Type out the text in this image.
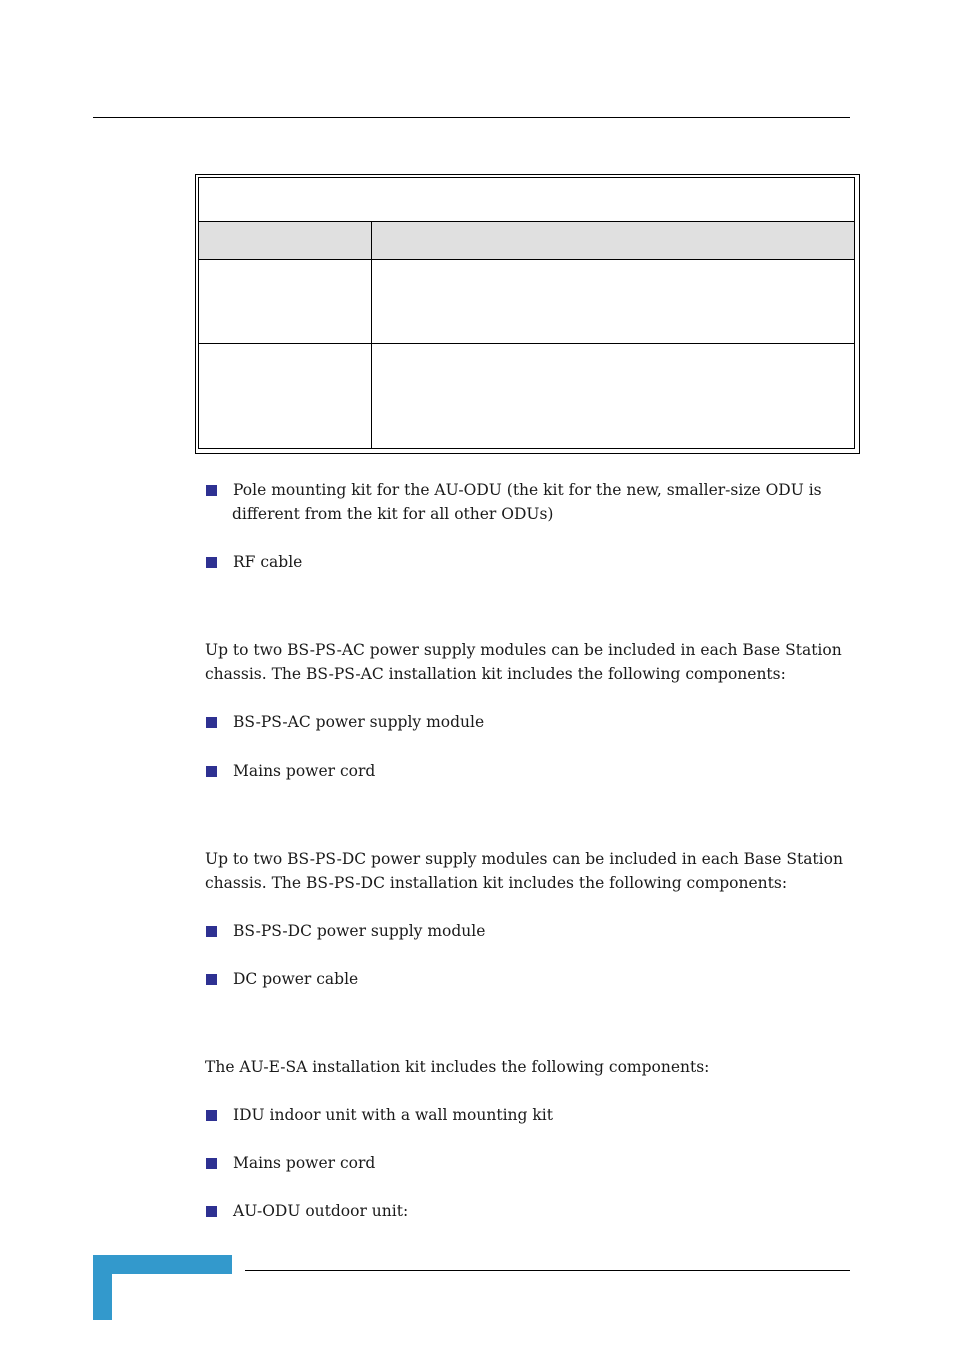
Pole mounting kit for the AU-ODU (the kit for the new, smaller-size ODU is
different from the kit for all other ODUs)
RF cable
Up to two BS-PS-AC power supply modules can be included in each Base Station
chassis. The BS-PS-AC installation kit includes the following components:
BS-PS-AC power supply module
Mains power cord
Up to two BS-PS-DC power supply modules can be included in each Base Station
chassis. The BS-PS-DC installation kit includes the following components:
BS-PS-DC power supply module
DC power cable
The AU-E-SA installation kit includes the following components:
IDU indoor unit with a wall mounting kit
Mains power cord
AU-ODU outdoor unit:
